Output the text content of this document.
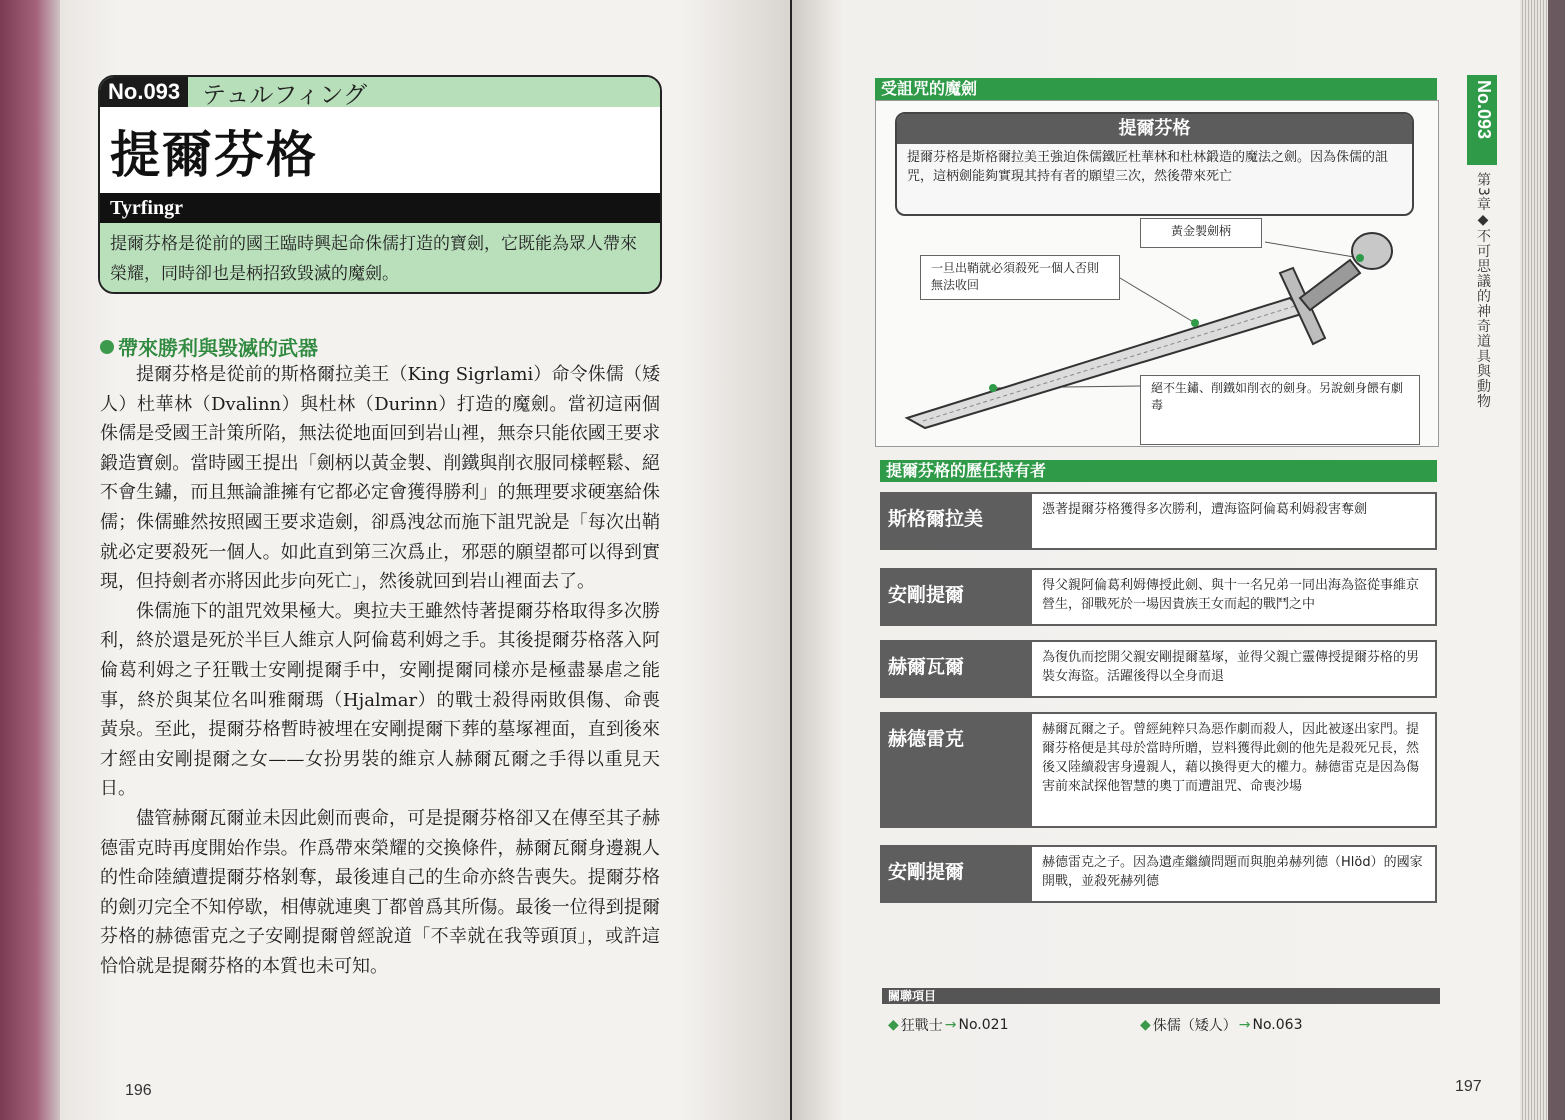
No.093 テュルフィング
提爾芬格
Tyrfingr
提爾芬格是從前的國王臨時興起命侏儒打造的寶劍，它既能為眾人帶來榮耀，同時卻也是柄招致毀滅的魔劍。
帶來勝利與毀滅的武器

提爾芬格是從前的斯格爾拉美王（King Sigrlami）命令侏儒（矮人）杜華林（Dvalinn）與杜林（Durinn）打造的魔劍。當初這兩個侏儒是受國王計策所陷，無法從地面回到岩山裡，無奈只能依國王要求鍛造寶劍。當時國王提出「劍柄以黃金製、削鐵與削衣服同樣輕鬆、絕不會生鏽，而且無論誰擁有它都必定會獲得勝利」的無理要求硬塞給侏儒；侏儒雖然按照國王要求造劍，卻爲洩忿而施下詛咒說是「每次出鞘就必定要殺死一個人。如此直到第三次爲止，邪惡的願望都可以得到實現，但持劍者亦將因此步向死亡」，然後就回到岩山裡面去了。

侏儒施下的詛咒效果極大。奧拉夫王雖然恃著提爾芬格取得多次勝利，終於還是死於半巨人維京人阿倫葛利姆之手。其後提爾芬格落入阿倫葛利姆之子狂戰士安剛提爾手中，安剛提爾同樣亦是極盡暴虐之能事，終於與某位名叫雅爾瑪（Hjalmar）的戰士殺得兩敗俱傷、命喪黃泉。至此，提爾芬格暫時被埋在安剛提爾下葬的墓塚裡面，直到後來才經由安剛提爾之女——女扮男裝的維京人赫爾瓦爾之手得以重見天日。

儘管赫爾瓦爾並未因此劍而喪命，可是提爾芬格卻又在傳至其子赫德雷克時再度開始作祟。作爲帶來榮耀的交換條件，赫爾瓦爾身邊親人的性命陸續遭提爾芬格剝奪，最後連自己的生命亦終告喪失。提爾芬格的劍刃完全不知停歇，相傳就連奧丁都曾爲其所傷。最後一位得到提爾芬格的赫德雷克之子安剛提爾曾經說道「不幸就在我等頭頂」，或許這恰恰就是提爾芬格的本質也未可知。

196
受詛咒的魔劍
提爾芬格
提爾芬格是斯格爾拉美王強迫侏儒鐵匠杜華林和杜林鍛造的魔法之劍。因為侏儒的詛咒，這柄劍能夠實現其持有者的願望三次，然後帶來死亡
黃金製劍柄
一旦出鞘就必須殺死一個人否則無法收回
絕不生鏽、削鐵如削衣的劍身。另說劍身餵有劇毒
提爾芬格的歷任持有者
斯格爾拉美	憑著提爾芬格獲得多次勝利，遭海盜阿倫葛利姆殺害奪劍
安剛提爾	得父親阿倫葛利姆傳授此劍、與十一名兄弟一同出海為盜從事維京營生，卻戰死於一場因貴族王女而起的戰鬥之中
赫爾瓦爾	為復仇而挖開父親安剛提爾墓塚，並得父親亡靈傳授提爾芬格的男裝女海盜。活躍後得以全身而退
赫德雷克	赫爾瓦爾之子。曾經純粹只為惡作劇而殺人，因此被逐出家門。提爾芬格便是其母於當時所贈，豈料獲得此劍的他先是殺死兄長，然後又陸續殺害身邊親人，藉以換得更大的權力。赫德雷克是因為傷害前來試探他智慧的奧丁而遭詛咒、命喪沙場
安剛提爾	赫德雷克之子。因為遺產繼續問題而與胞弟赫列德（Hlöd）的國家開戰，並殺死赫列德
關聯項目
◆ 狂戰士 → No.021	◆ 侏儒（矮人） → No.063
No.093
第3章◆不可思議的神奇道具與動物
197
